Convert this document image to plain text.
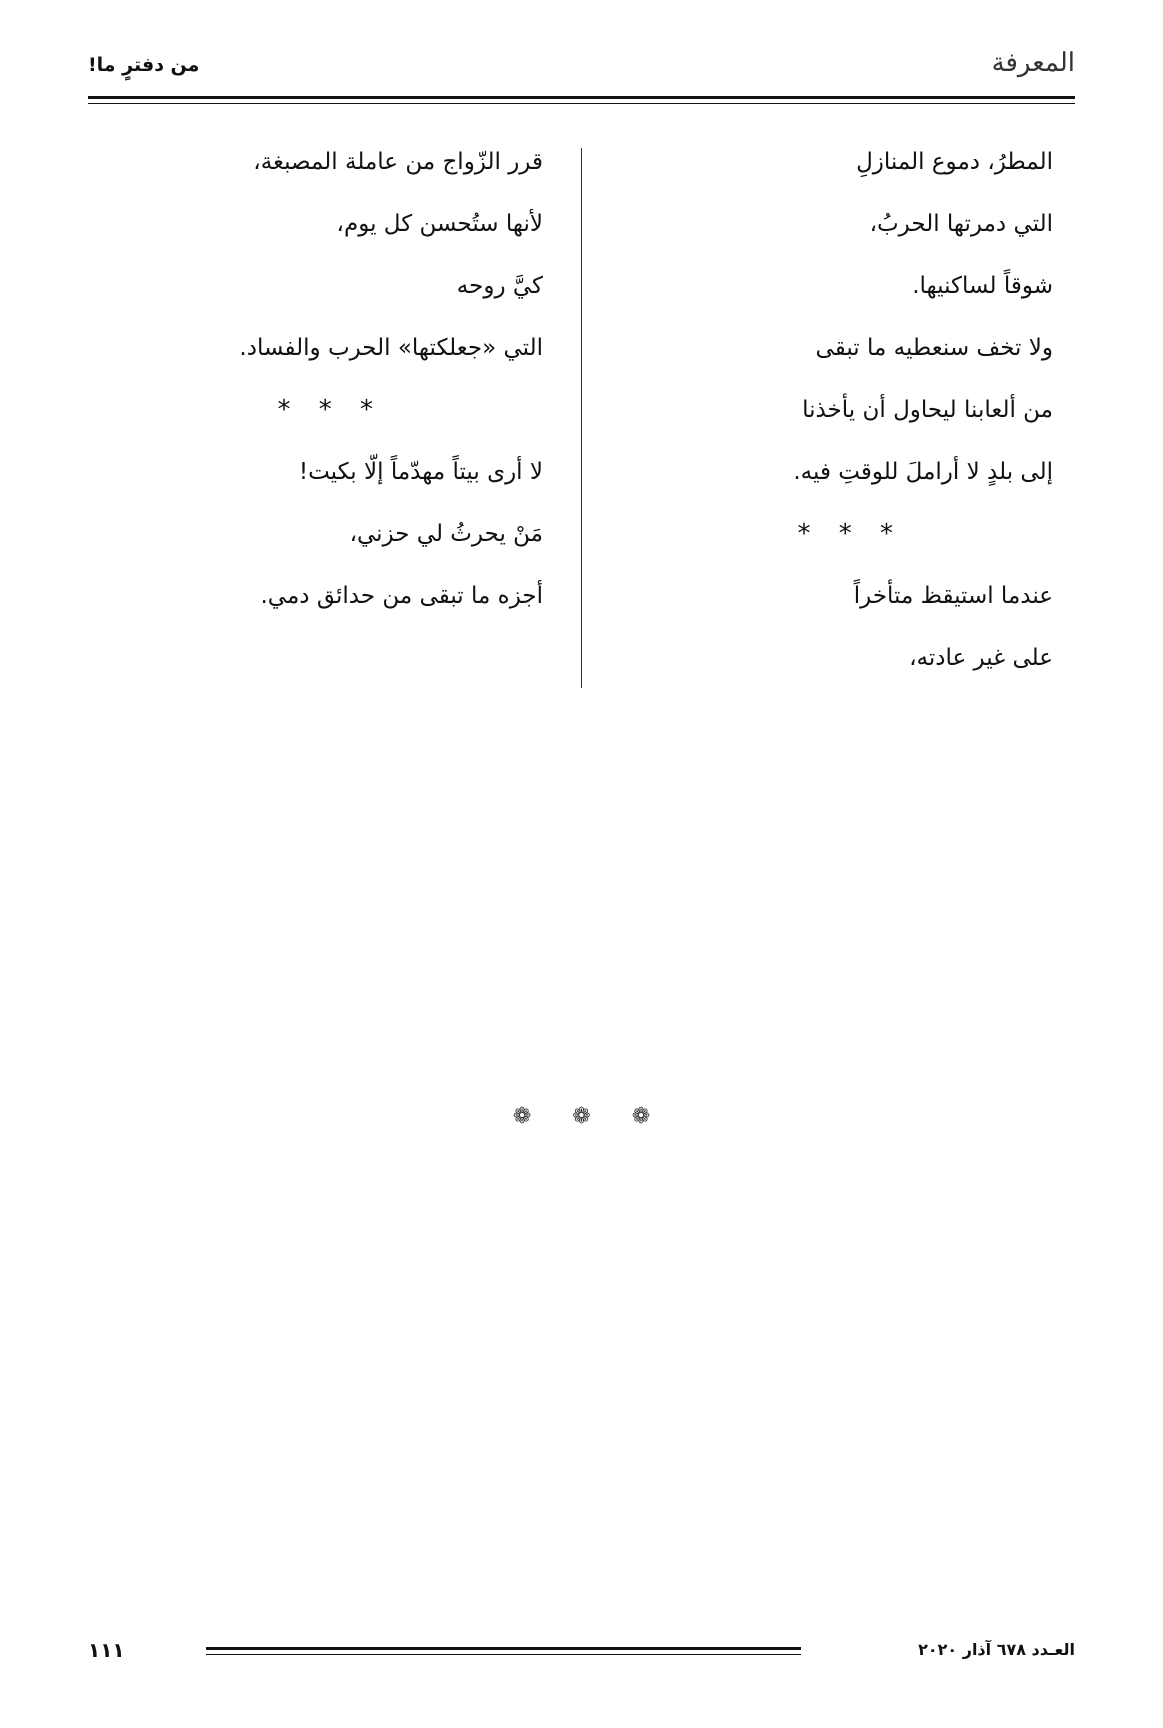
من دفترٍ ما!	المعرفة
المطرُ، دموع المنازلِ
التي دمرتها الحربُ،
شوقاً لساكنيها.
ولا تخف سنعطيه ما تبقى
من ألعابنا ليحاول أن يأخذنا
إلى بلدٍ لا أراملَ للوقتِ فيه.
* * *
عندما استيقظ متأخراً
على غير عادته،
قرر الزّواج من عاملة المصبغة،
لأنها ستُحسن كل يوم،
كيَّ روحه
التي «جعلكتها» الحرب والفساد.
* * *
لا أرى بيتاً مهدّماً إلّا بكيت!
مَنْ يحرثُ لي حزني،
أجزه ما تبقى من حدائق دمي.
❁ ❁ ❁
١١١	العـدد ٦٧٨ آذار ٢٠٢٠
